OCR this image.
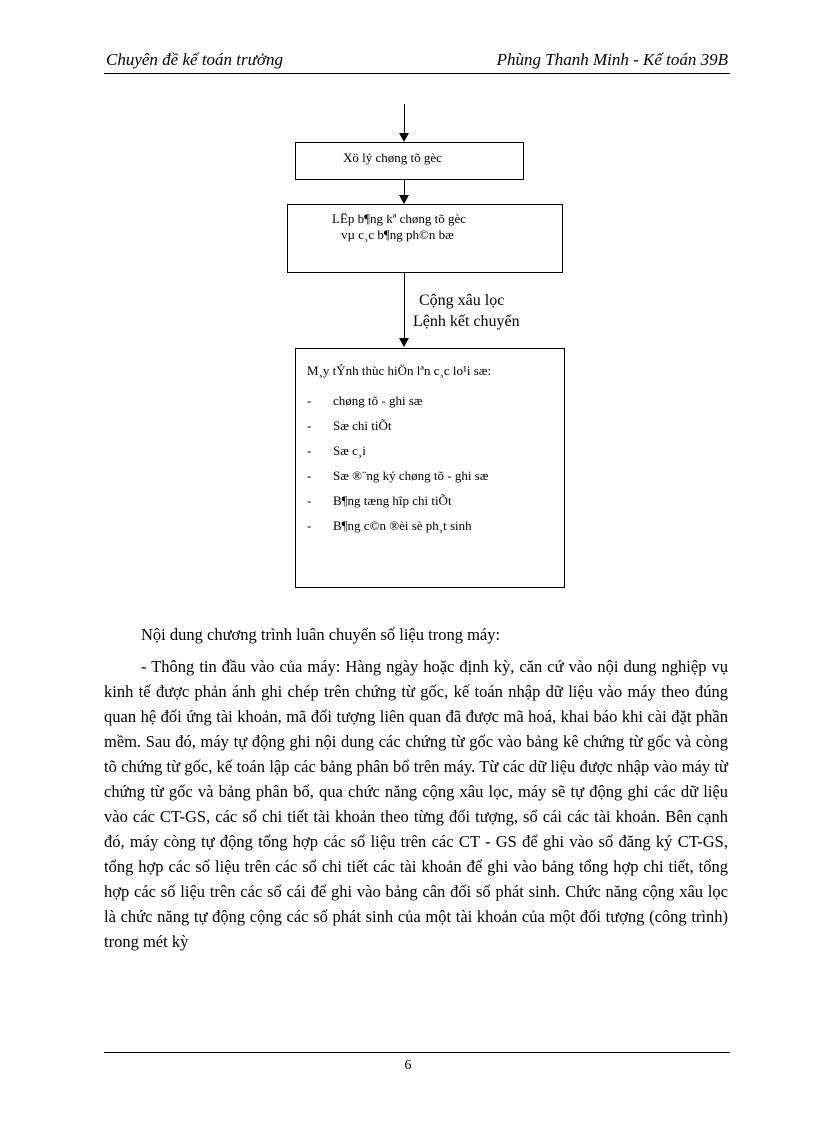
Chuyên đề kế toán trưởng	Phùng Thanh Minh - Kế toán 39B
Xö lý chøng tõ gèc
LËp b¶ng kª chøng tõ gèc
vµ c¸c b¶ng ph©n bæ
Cộng xâu lọc
Lệnh kết chuyển
M¸y tÝnh thùc hiÖn lªn c¸c lo¹i sæ:
-	chøng tõ - ghi sæ
-	Sæ chi tiÕt
-	Sæ c¸i
-	Sæ ®¨ng ký chøng tõ - ghi sæ
-	B¶ng tæng hîp chi tiÕt
-	B¶ng c©n ®èi sè ph¸t sinh
Nội dung chương trình luân chuyển số liệu trong máy:

- Thông tin đầu vào của máy: Hàng ngày hoặc định kỳ, căn cứ vào nội dung nghiệp vụ kinh tế được phản ánh ghi chép trên chứng từ gốc, kế toán nhập dữ liệu vào máy theo đúng quan hệ đối ứng tài khoản, mã đối tượng liên quan đã được mã hoá, khai báo khi cài đặt phần mềm. Sau đó, máy tự động ghi nội dung các chứng từ gốc vào bảng kê chứng từ gốc và còng tõ chứng từ gốc, kế toán lập các bảng phân bổ trên máy. Từ các dữ liệu được nhập vào máy từ chứng từ gốc và bảng phân bổ, qua chức năng cộng xâu lọc, máy sẽ tự động ghi các dữ liệu vào các CT-GS, các sổ chi tiết tài khoản theo từng đối tượng, sổ cái các tài khoản. Bên cạnh đó, máy còng tự động tổng hợp các số liệu trên các CT - GS để ghi vào sổ đăng ký CT-GS, tổng hợp các số liệu trên các sổ chi tiết các tài khoản để ghi vào bảng tổng hợp chi tiết, tổng hợp các số liệu trên các sổ cái để ghi vào bảng cân đối số phát sinh. Chức năng cộng xâu lọc là chức năng tự động cộng các số phát sinh của một tài khoản của một đối tượng (công trình) trong mét kỳ

6
